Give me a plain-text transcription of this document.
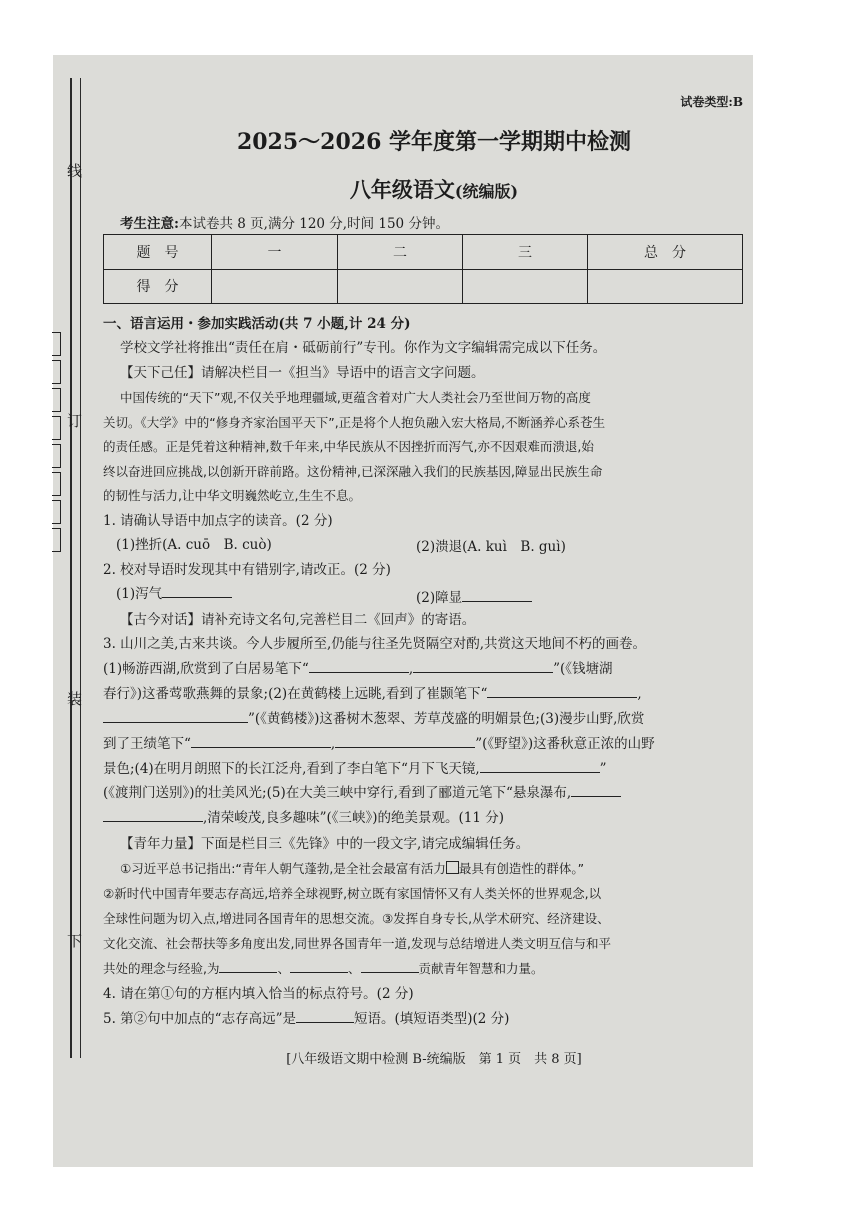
线
订
装
下
试卷类型:B
2025～2026 学年度第一学期期中检测
八年级语文(统编版)
考生注意:本试卷共 8 页,满分 120 分,时间 150 分钟。
题　号	一	二	三	总　分
得　分				
一、语言运用・参加实践活动(共 7 小题,计 24 分)
学校文学社将推出“责任在肩・砥砺前行”专刊。你作为文字编辑需完成以下任务。
【天下己任】请解决栏目一《担当》导语中的语言文字问题。
中国传统的“天下”观,不仅关乎地理疆域,更蕴含着对广大人类社会乃至世间万物的高度
关切。《大学》中的“修身齐家治国平天下”,正是将个人抱负融入宏大格局,不断涵养心系苍生
的责任感。正是凭着这种精神,数千年来,中华民族从不因挫折而泻气,亦不因艰难而溃退,始
终以奋进回应挑战,以创新开辟前路。这份精神,已深深融入我们的民族基因,障显出民族生命
的韧性与活力,让中华文明巍然屹立,生生不息。
1. 请确认导语中加点字的读音。(2 分)
(1)挫折(A. cuō　B. cuò)	(2)溃退(A. kuì　B. guì)
2. 校对导语时发现其中有错别字,请改正。(2 分)
(1)泻气	(2)障显
【古今对话】请补充诗文名句,完善栏目二《回声》的寄语。
3. 山川之美,古来共谈。今人步履所至,仍能与往圣先贤隔空对酌,共赏这天地间不朽的画卷。
(1)畅游西湖,欣赏到了白居易笔下“	,	”(《钱塘湖
春行》)这番莺歌燕舞的景象;(2)在黄鹤楼上远眺,看到了崔颢笔下“	,
”(《黄鹤楼》)这番树木葱翠、芳草茂盛的明媚景色;(3)漫步山野,欣赏
到了王绩笔下“	,	”(《野望》)这番秋意正浓的山野
景色;(4)在明月朗照下的长江泛舟,看到了李白笔下“月下飞天镜,	”
(《渡荆门送别》)的壮美风光;(5)在大美三峡中穿行,看到了郦道元笔下“悬泉瀑布,
,清荣峻茂,良多趣味”(《三峡》)的绝美景观。(11 分)
【青年力量】下面是栏目三《先锋》中的一段文字,请完成编辑任务。
①习近平总书记指出:“青年人朝气蓬勃,是全社会最富有活力 最具有创造性的群体。”
②新时代中国青年要志存高远,培养全球视野,树立既有家国情怀又有人类关怀的世界观念,以
全球性问题为切入点,增进同各国青年的思想交流。③发挥自身专长,从学术研究、经济建设、
文化交流、社会帮扶等多角度出发,同世界各国青年一道,发现与总结增进人类文明互信与和平
共处的理念与经验,为	、	、	贡献青年智慧和力量。
4. 请在第①句的方框内填入恰当的标点符号。(2 分)
5. 第②句中加点的“志存高远”是	短语。(填短语类型)(2 分)
[八年级语文期中检测 B-统编版　第 1 页　共 8 页]
